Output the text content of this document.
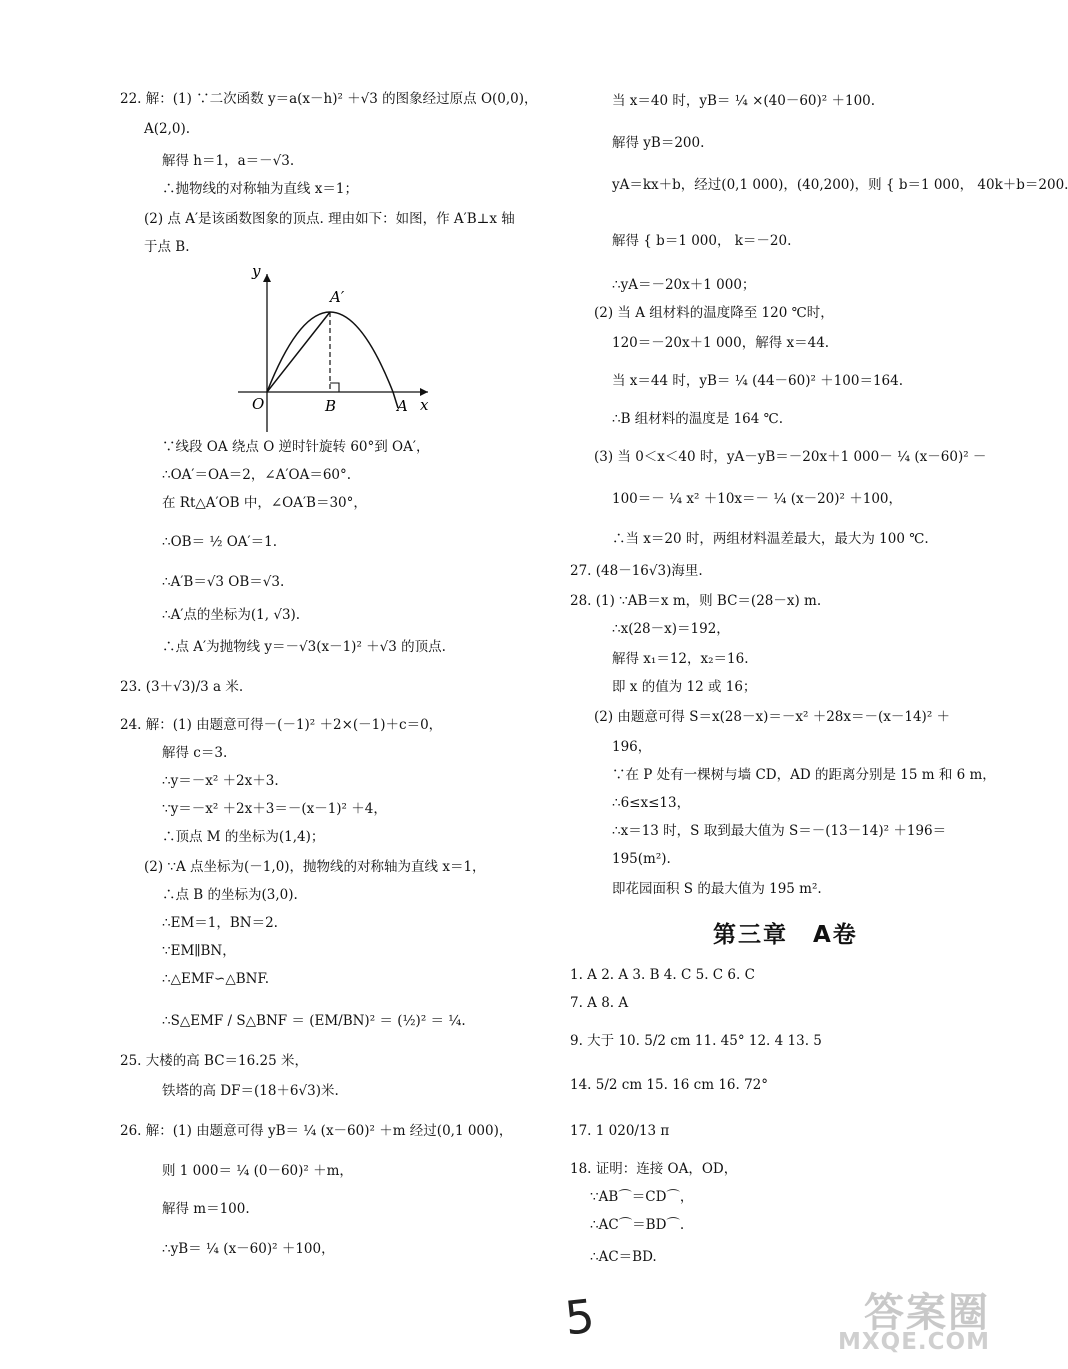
22. 解：(1) ∵二次函数 y＝a(x－h)² ＋√3 的图象经过原点 O(0,0)，
A(2,0).
解得 h＝1，a＝－√3.
∴抛物线的对称轴为直线 x＝1；
(2) 点 A′是该函数图象的顶点. 理由如下：如图，作 A′B⊥x 轴
于点 B.
∵线段 OA 绕点 O 逆时针旋转 60°到 OA′，
∴OA′＝OA＝2，∠A′OA＝60°.
在 Rt△A′OB 中，∠OA′B＝30°，
∴OB＝ ½ OA′＝1.
∴A′B＝√3 OB＝√3.
∴A′点的坐标为(1, √3).
∴点 A′为抛物线 y＝－√3(x－1)² ＋√3 的顶点.
23. (3＋√3)/3 a 米.
24. 解：(1) 由题意可得－(－1)² ＋2×(－1)＋c＝0，
解得 c＝3.
∴y＝－x² ＋2x＋3.
∵y＝－x² ＋2x＋3＝－(x－1)² ＋4，
∴顶点 M 的坐标为(1,4)；
(2) ∵A 点坐标为(－1,0)，抛物线的对称轴为直线 x＝1，
∴点 B 的坐标为(3,0).
∴EM＝1，BN＝2.
∵EM∥BN，
∴△EMF∽△BNF.
∴S△EMF / S△BNF ＝ (EM/BN)² ＝ (½)² ＝ ¼.
25. 大楼的高 BC＝16.25 米，
铁塔的高 DF＝(18＋6√3)米.
26. 解：(1) 由题意可得 yB＝ ¼ (x－60)² ＋m 经过(0,1 000)，
则 1 000＝ ¼ (0－60)² ＋m，
解得 m＝100.
∴yB＝ ¼ (x－60)² ＋100，
当 x＝40 时，yB＝ ¼ ×(40－60)² ＋100.
解得 yB＝200.
yA＝kx＋b，经过(0,1 000)，(40,200)，则 { b＝1 000， 40k＋b＝200.
解得 { b＝1 000， k＝－20.
∴yA＝－20x＋1 000；
(2) 当 A 组材料的温度降至 120 ℃时，
120＝－20x＋1 000，解得 x＝44.
当 x＝44 时，yB＝ ¼ (44－60)² ＋100＝164.
∴B 组材料的温度是 164 ℃.
(3) 当 0＜x＜40 时，yA－yB＝－20x＋1 000－ ¼ (x－60)² －
100＝－ ¼ x² ＋10x＝－ ¼ (x－20)² ＋100，
∴当 x＝20 时，两组材料温差最大，最大为 100 ℃.
27. (48－16√3)海里.
28. (1) ∵AB＝x m，则 BC＝(28－x) m.
∴x(28－x)＝192，
解得 x₁＝12，x₂＝16.
即 x 的值为 12 或 16；
(2) 由题意可得 S＝x(28－x)＝－x² ＋28x＝－(x－14)² ＋
196，
∵在 P 处有一棵树与墙 CD，AD 的距离分别是 15 m 和 6 m，
∴6≤x≤13，
∴x＝13 时，S 取到最大值为 S＝－(13－14)² ＋196＝
195(m²).
即花园面积 S 的最大值为 195 m².
1. A 2. A 3. B 4. C 5. C 6. C
7. A 8. A
9. 大于 10. 5/2 cm 11. 45° 12. 4 13. 5
14. 5/2 cm 15. 16 cm 16. 72°
17. 1 020/13 π
18. 证明：连接 OA，OD，
∵AB⌒＝CD⌒，
∴AC⌒＝BD⌒.
∴AC＝BD.
第三章　A卷
y
x
O	B	A
A′
5	答案圈
MXQE.COM
